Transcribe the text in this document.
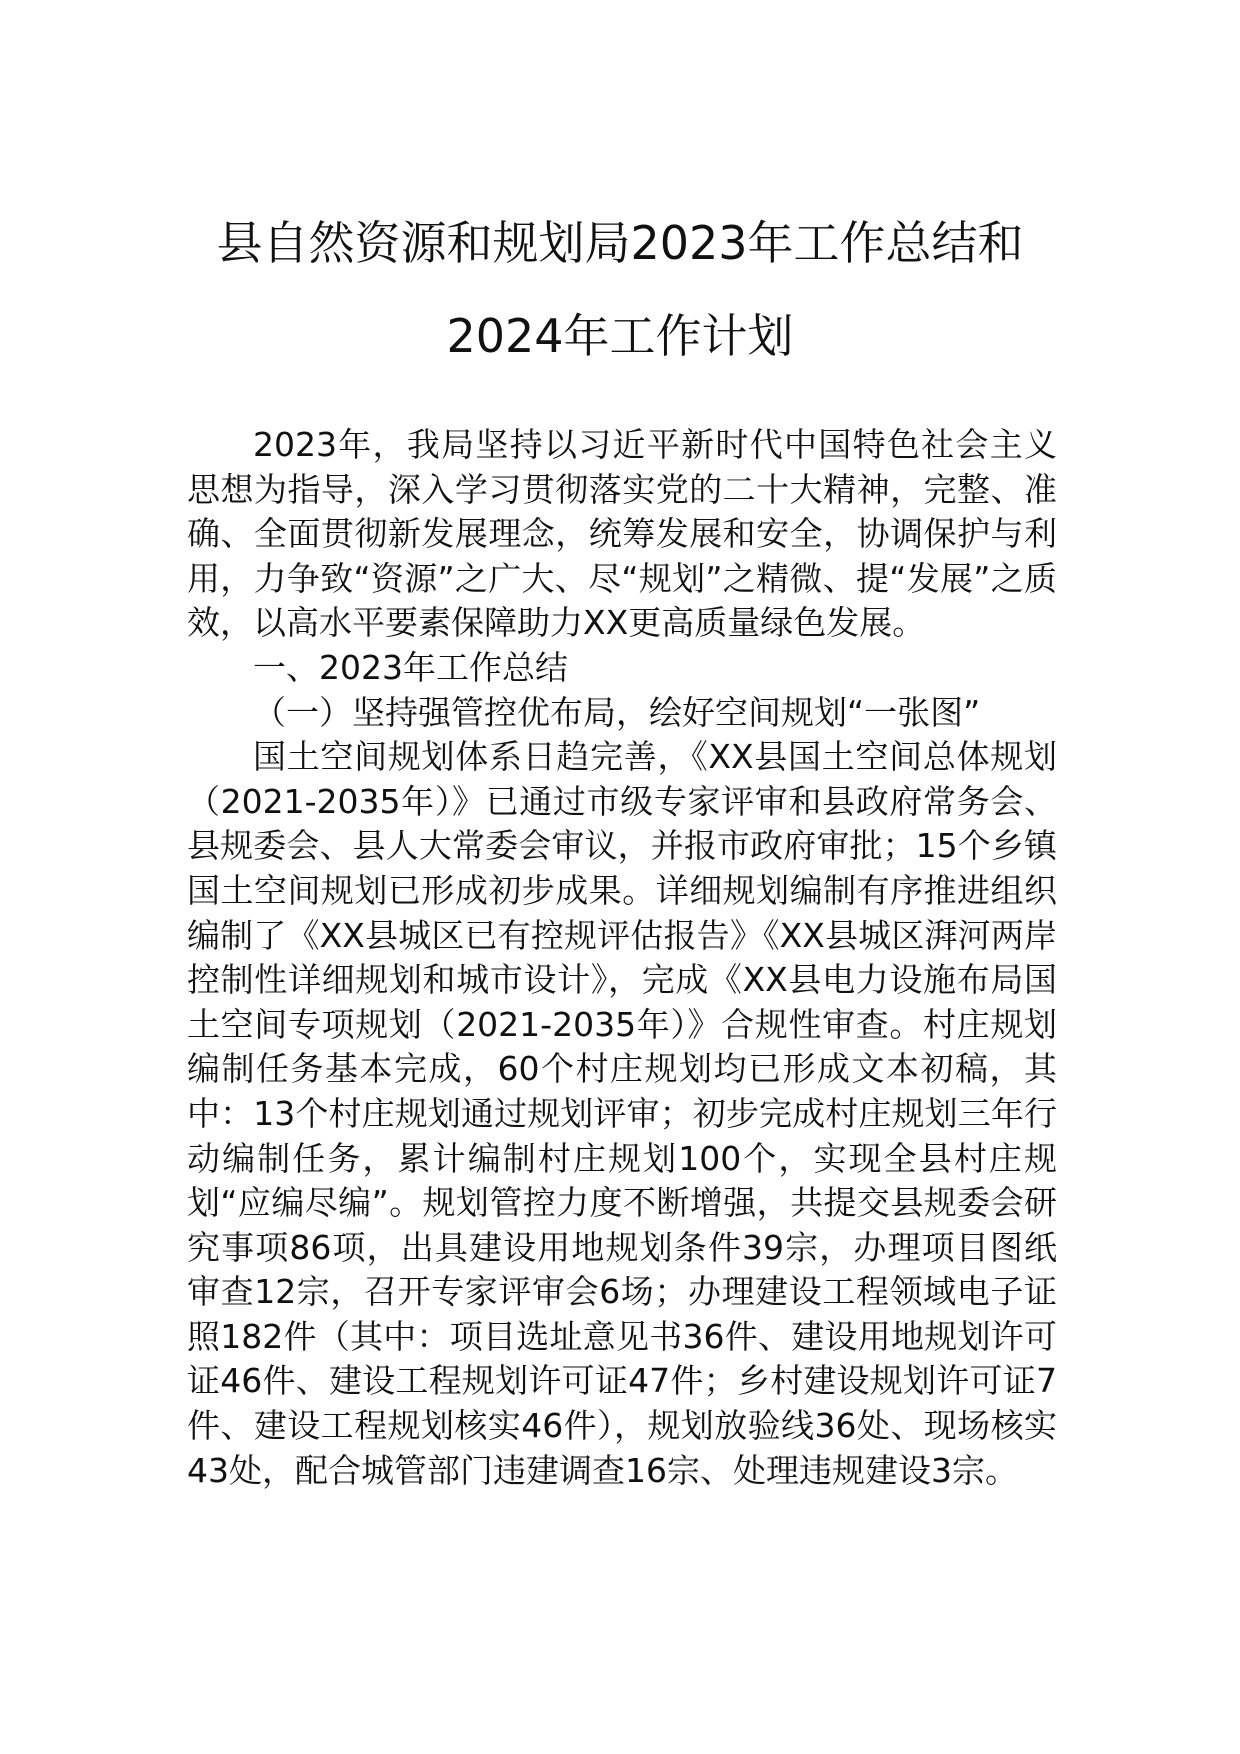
县自然资源和规划局2023年工作总结和
2024年工作计划

2023年，我局坚持以习近平新时代中国特色社会主义思想为指导，深入学习贯彻落实党的二十大精神，完整、准确、全面贯彻新发展理念，统筹发展和安全，协调保护与利用，力争致“资源”之广大、尽“规划”之精微、提“发展”之质效，以高水平要素保障助力XX更高质量绿色发展。

一、2023年工作总结

（一）坚持强管控优布局，绘好空间规划“一张图”

国土空间规划体系日趋完善，《XX县国土空间总体规划（2021-2035年）》已通过市级专家评审和县政府常务会、县规委会、县人大常委会审议，并报市政府审批；15个乡镇国土空间规划已形成初步成果。详细规划编制有序推进组织编制了《XX县城区已有控规评估报告》《XX县城区湃河两岸控制性详细规划和城市设计》，完成《XX县电力设施布局国土空间专项规划（2021-2035年）》合规性审查。村庄规划编制任务基本完成，60个村庄规划均已形成文本初稿，其中：13个村庄规划通过规划评审；初步完成村庄规划三年行动编制任务，累计编制村庄规划100个，实现全县村庄规划“应编尽编”。规划管控力度不断增强，共提交县规委会研究事项86项，出具建设用地规划条件39宗，办理项目图纸审查12宗，召开专家评审会6场；办理建设工程领域电子证照182件（其中：项目选址意见书36件、建设用地规划许可证46件、建设工程规划许可证47件；乡村建设规划许可证7件、建设工程规划核实46件），规划放验线36处、现场核实43处，配合城管部门违建调查16宗、处理违规建设3宗。
